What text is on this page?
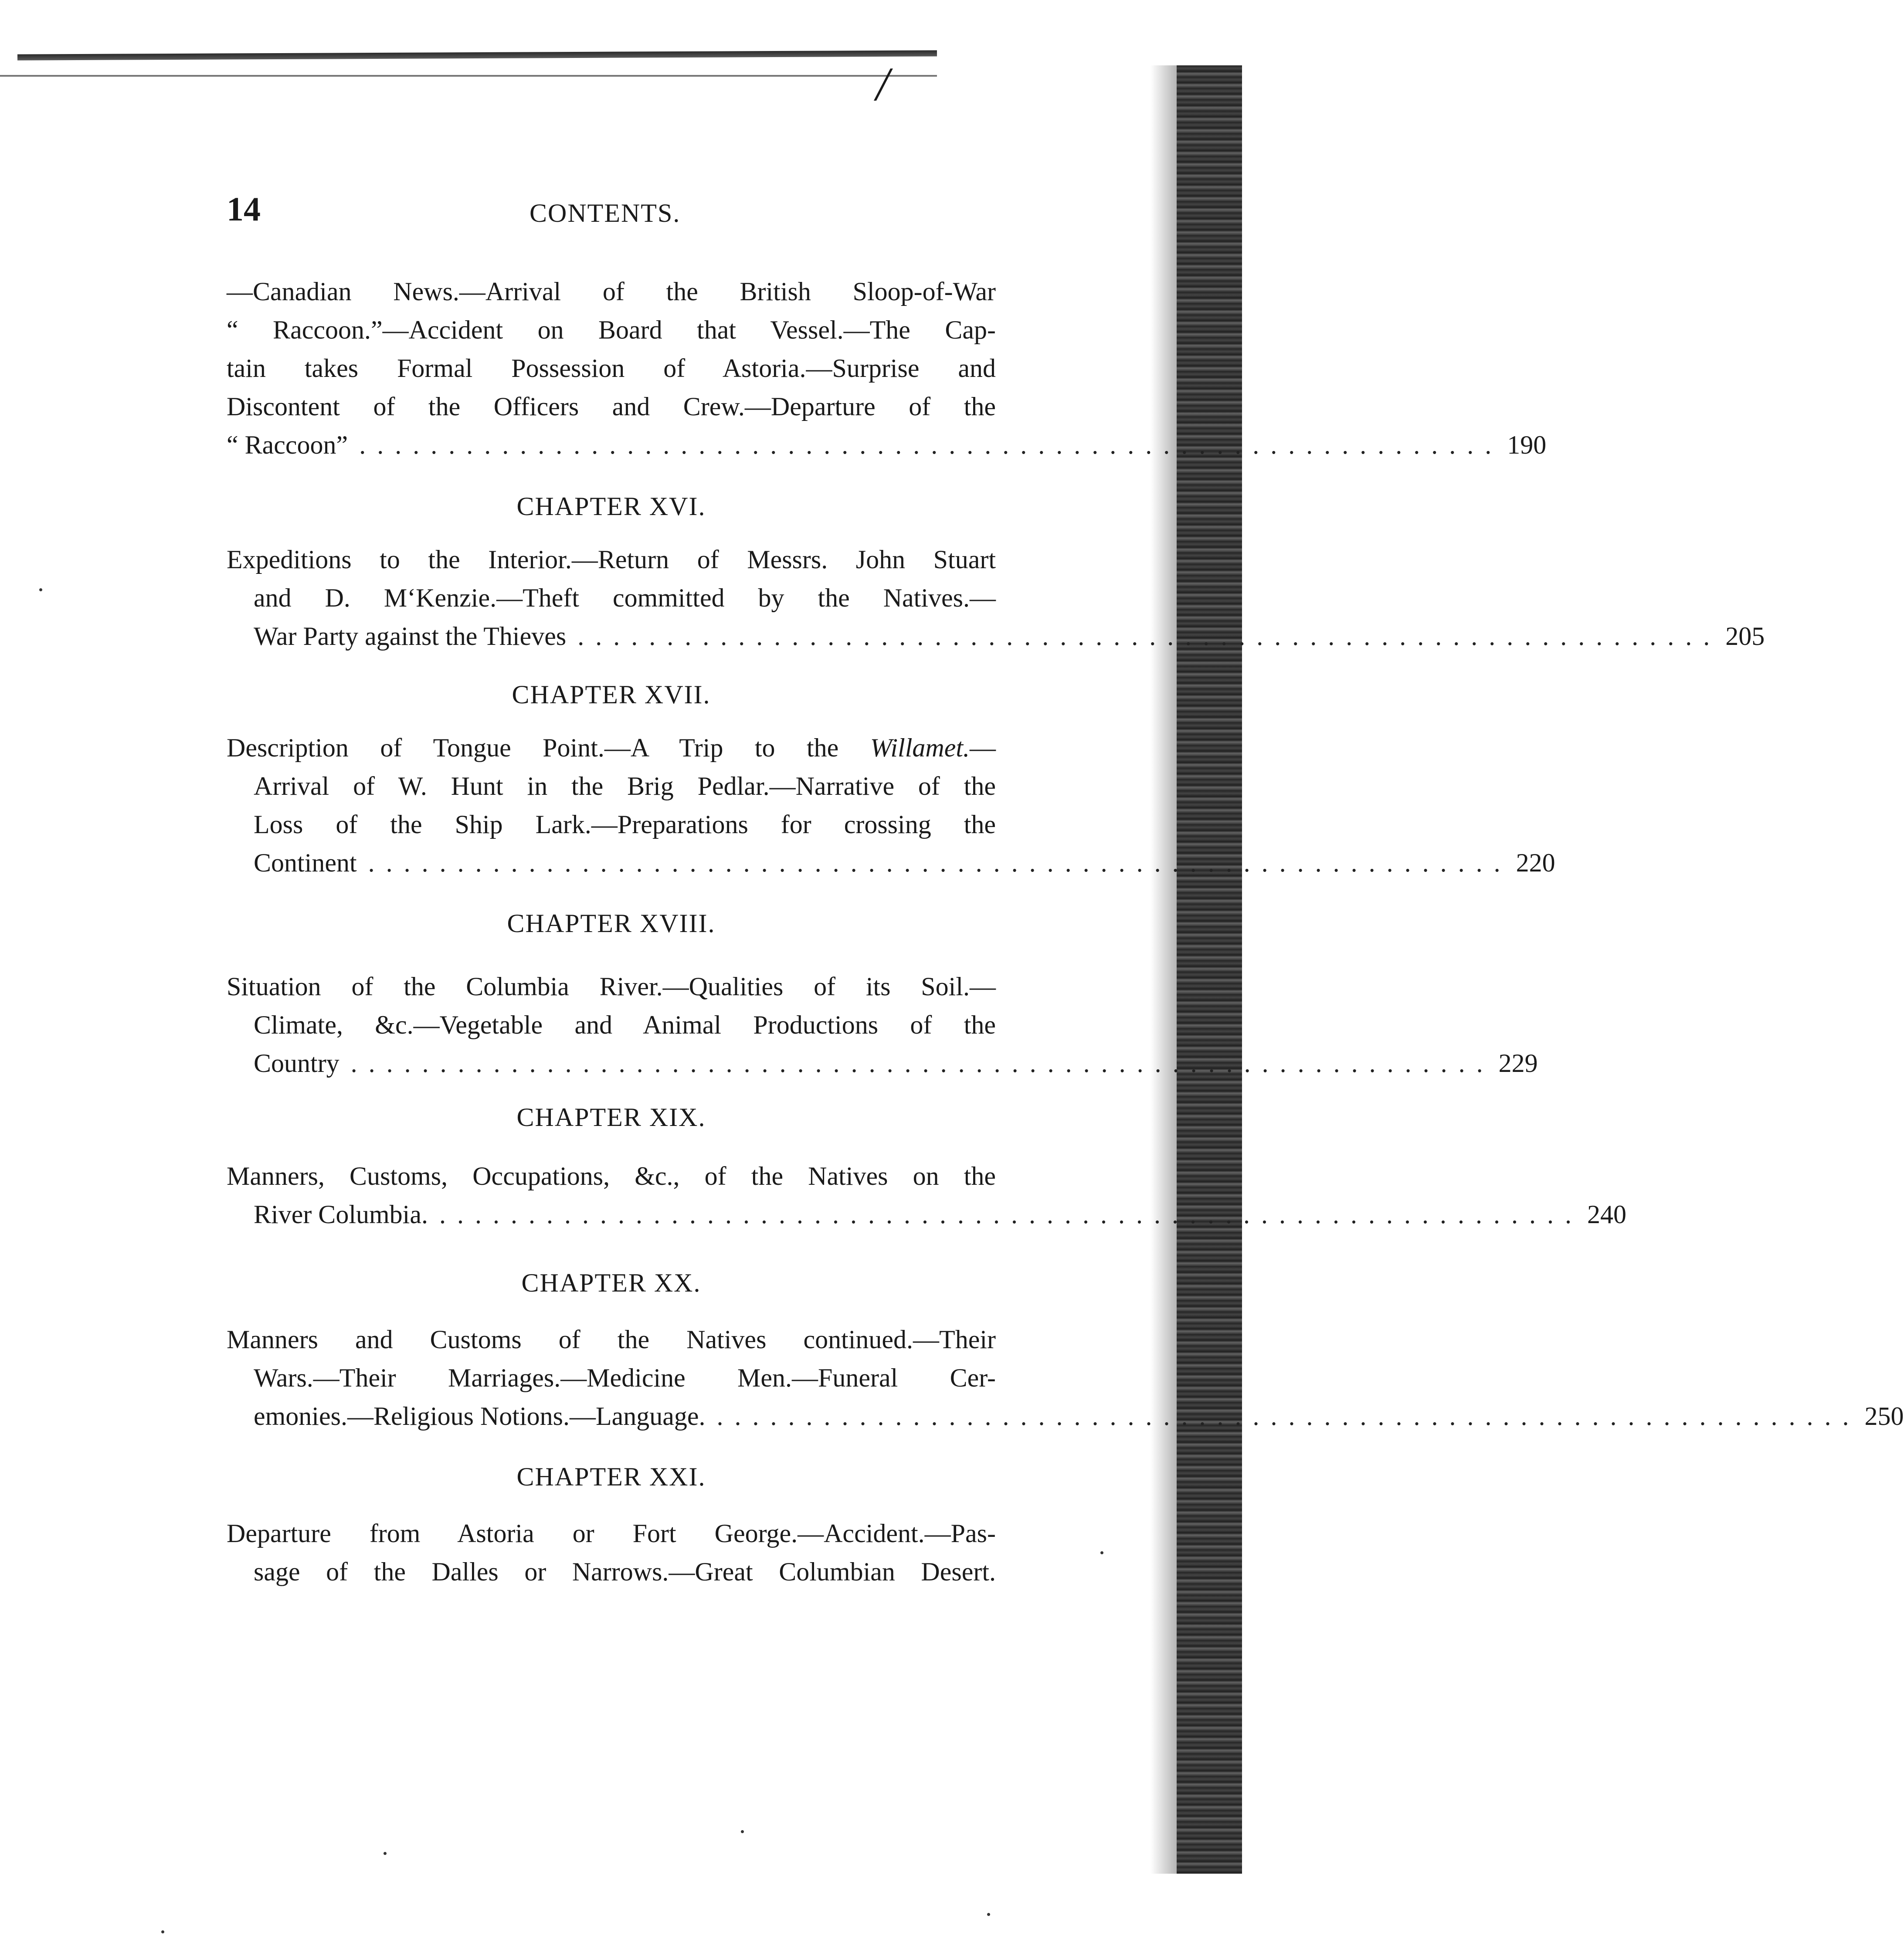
/
14	CONTENTS.
—Canadian News.—Arrival of the British Sloop-of-War
“ Raccoon.”—Accident on Board that Vessel.—The Cap-
tain takes Formal Possession of Astoria.—Surprise and
Discontent of the Officers and Crew.—Departure of the
“ Raccoon” ................................................................ 190
CHAPTER XVI.
Expeditions to the Interior.—Return of Messrs. John Stuart
and D. M‘Kenzie.—Theft committed by the Natives.—
War Party against the Thieves ................................................................ 205
CHAPTER XVII.
Description of Tongue Point.—A Trip to the Willamet.—
Arrival of W. Hunt in the Brig Pedlar.—Narrative of the
Loss of the Ship Lark.—Preparations for crossing the
Continent ................................................................ 220
CHAPTER XVIII.
Situation of the Columbia River.—Qualities of its Soil.—
Climate, &c.—Vegetable and Animal Productions of the
Country ................................................................ 229
CHAPTER XIX.
Manners, Customs, Occupations, &c., of the Natives on the
River Columbia. ................................................................ 240
CHAPTER XX.
Manners and Customs of the Natives continued.—Their
Wars.—Their Marriages.—Medicine Men.—Funeral Cer-
emonies.—Religious Notions.—Language. ................................................................ 250
CHAPTER XXI.
Departure from Astoria or Fort George.—Accident.—Pas-
sage of the Dalles or Narrows.—Great Columbian Desert.
